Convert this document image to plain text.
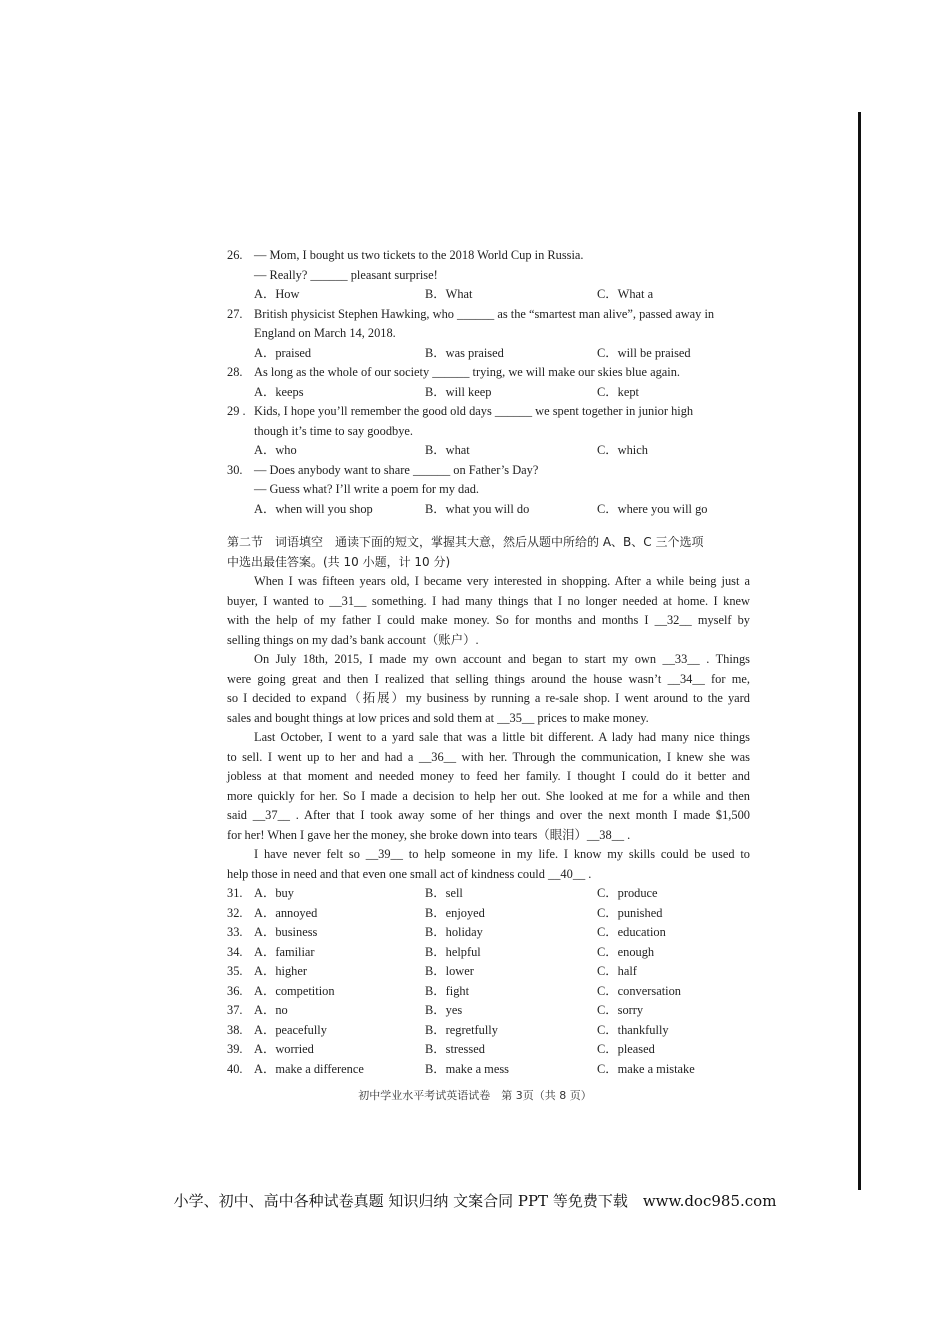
26. — Mom, I bought us two tickets to the 2018 World Cup in Russia.
— Really? ______ pleasant surprise!
A．How	B．What	C．What a
27. British physicist Stephen Hawking, who ______ as the “smartest man alive”, passed away in
England on March 14, 2018.
A．praised	B．was praised	C．will be praised
28. As long as the whole of our society ______ trying, we will make our skies blue again.
A．keeps	B．will keep	C．kept
29 . Kids, I hope you’ll remember the good old days ______ we spent together in junior high
though it’s time to say goodbye.
A．who	B．what	C．which
30. — Does anybody want to share ______ on Father’s Day?
— Guess what? I’ll write a poem for my dad.
A．when will you shop	B．what you will do	C．where you will go
第二节　词语填空　通读下面的短文，掌握其大意，然后从题中所给的 A、B、C 三个选项
中选出最佳答案。(共 10 小题，计 10 分)
When I was fifteen years old, I became very interested in shopping. After a while being just a
buyer, I wanted to __31__ something. I had many things that I no longer needed at home. I knew
with the help of my father I could make money. So for months and months I __32__ myself by
selling things on my dad’s bank account（账户）.
On July 18th, 2015, I made my own account and began to start my own __33__ . Things
were going great and then I realized that selling things around the house wasn’t __34__ for me,
so I decided to expand（拓展）my business by running a re-sale shop. I went around to the yard
sales and bought things at low prices and sold them at __35__ prices to make money.
Last October, I went to a yard sale that was a little bit different. A lady had many nice things
to sell. I went up to her and had a __36__ with her. Through the communication, I knew she was
jobless at that moment and needed money to feed her family. I thought I could do it better and
more quickly for her. So I made a decision to help her out. She looked at me for a while and then
said __37__ . After that I took away some of her things and over the next month I made $1,500
for her! When I gave her the money, she broke down into tears（眼泪）__38__ .
I have never felt so __39__ to help someone in my life. I know my skills could be used to
help those in need and that even one small act of kindness could __40__ .
31. A．buy	B．sell	C．produce
32. A．annoyed	B．enjoyed	C．punished
33. A．business	B．holiday	C．education
34. A．familiar	B．helpful	C．enough
35. A．higher	B．lower	C．half
36. A．competition	B．fight	C．conversation
37. A．no	B．yes	C．sorry
38. A．peacefully	B．regretfully	C．thankfully
39. A．worried	B．stressed	C．pleased
40. A．make a difference	B．make a mess	C．make a mistake
初中学业水平考试英语试卷　第 3页（共 8 页）
小学、初中、高中各种试卷真题 知识归纳 文案合同 PPT 等免费下载　www.doc985.com
